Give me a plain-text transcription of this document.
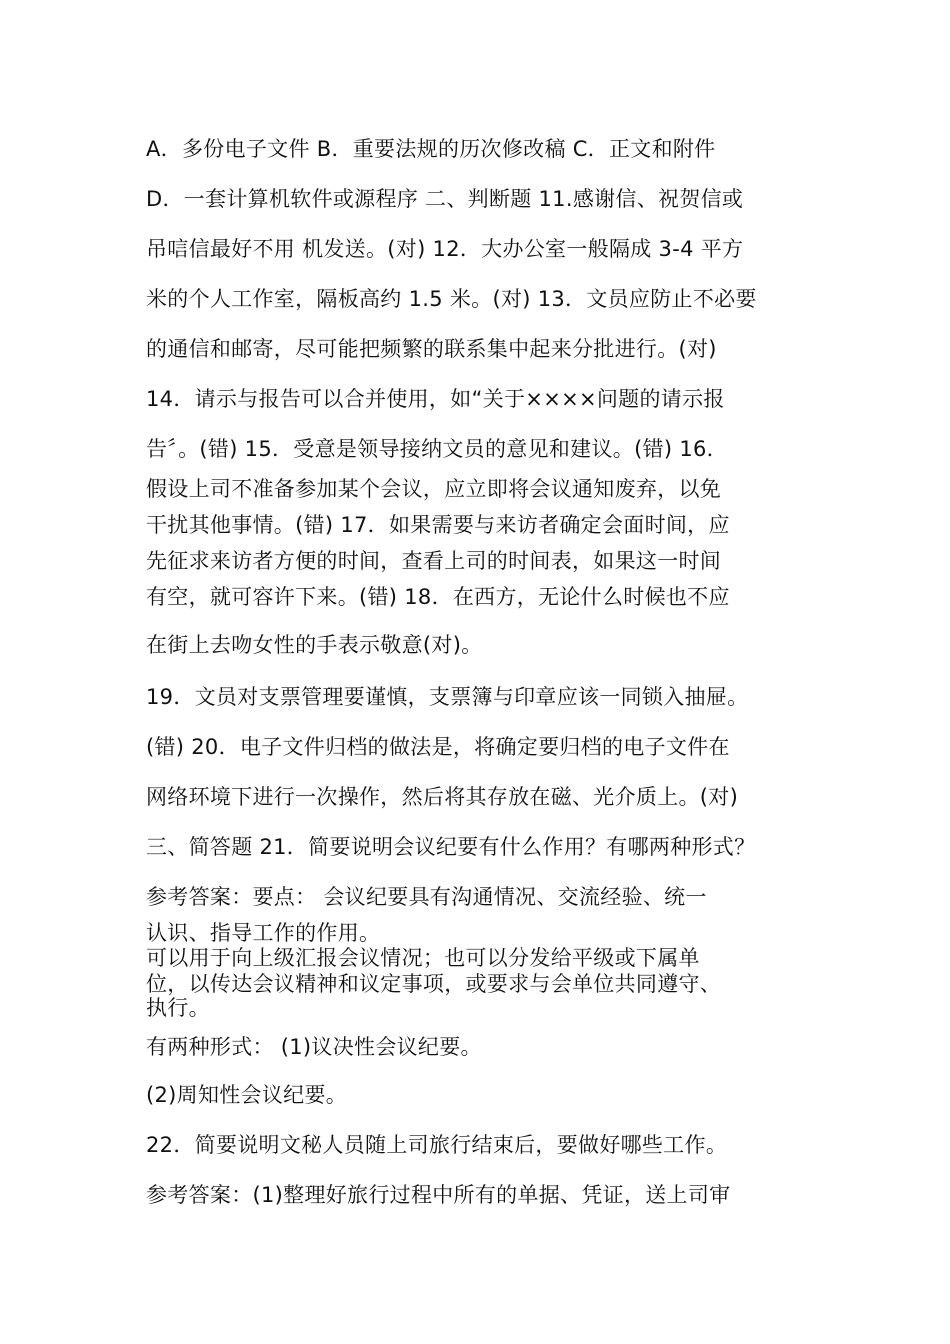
A．多份电子文件 B．重要法规的历次修改稿 C．正文和附件
D．一套计算机软件或源程序 二、判断题 11.感谢信、祝贺信或
吊唁信最好不用 机发送。(对) 12．大办公室一般隔成 3-4 平方
米的个人工作室，隔板高约 1.5 米。(对) 13．文员应防止不必要
的通信和邮寄，尽可能把频繁的联系集中起来分批进行。(对)
14．请示与报告可以合并使用，如“关于××××问题的请示报
告〞。(错) 15．受意是领导接纳文员的意见和建议。(错) 16．
假设上司不准备参加某个会议，应立即将会议通知废弃，以免
干扰其他事情。(错) 17．如果需要与来访者确定会面时间，应
先征求来访者方便的时间，查看上司的时间表，如果这一时间
有空，就可容许下来。(错) 18．在西方，无论什么时候也不应
在街上去吻女性的手表示敬意(对)。
19．文员对支票管理要谨慎，支票簿与印章应该一同锁入抽屉。
(错) 20．电子文件归档的做法是，将确定要归档的电子文件在
网络环境下进行一次操作，然后将其存放在磁、光介质上。(对)
三、简答题 21．简要说明会议纪要有什么作用？有哪两种形式？
参考答案：要点： 会议纪要具有沟通情况、交流经验、统一
认识、指导工作的作用。
可以用于向上级汇报会议情况；也可以分发给平级或下属单
位，以传达会议精神和议定事项，或要求与会单位共同遵守、
执行。
有两种形式： (1)议决性会议纪要。
(2)周知性会议纪要。
22．简要说明文秘人员随上司旅行结束后，要做好哪些工作。
参考答案：(1)整理好旅行过程中所有的单据、凭证，送上司审
